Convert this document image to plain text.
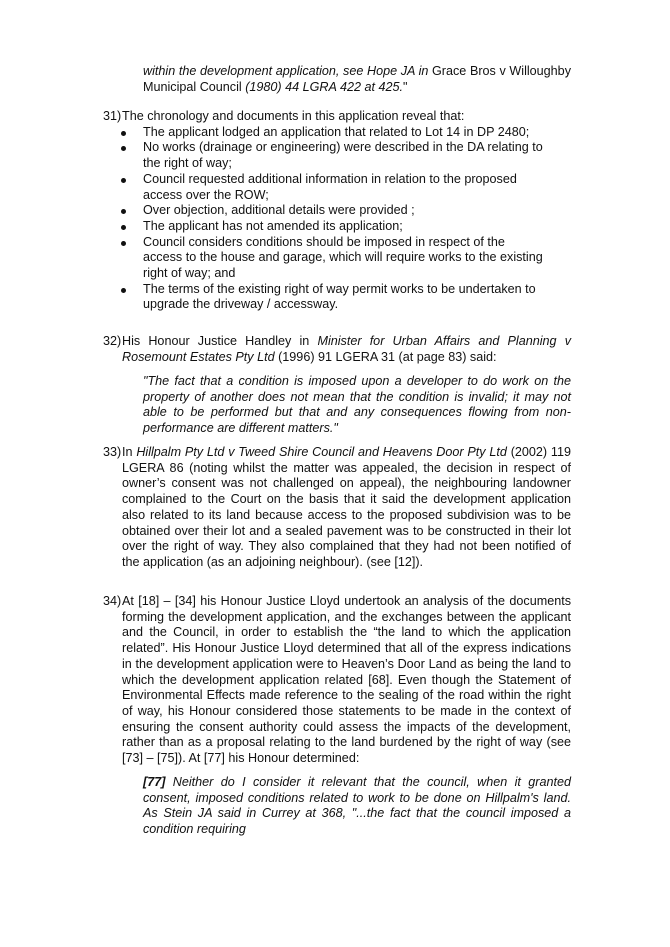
within the development application, see Hope JA in Grace Bros v Willoughby Municipal Council (1980) 44 LGRA 422 at 425."
31) The chronology and documents in this application reveal that:
The applicant lodged an application that related to Lot 14 in DP 2480;
No works (drainage or engineering) were described in the DA relating to the right of way;
Council requested additional information in relation to the proposed access over the ROW;
Over objection, additional details were provided ;
The applicant has not amended its application;
Council considers conditions should be imposed in respect of the access to the house and garage, which will require works to the existing right of way; and
The terms of the existing right of way permit works to be undertaken to upgrade the driveway / accessway.
32) His Honour Justice Handley in Minister for Urban Affairs and Planning v Rosemount Estates Pty Ltd (1996) 91 LGERA 31 (at page 83) said:
"The fact that a condition is imposed upon a developer to do work on the property of another does not mean that the condition is invalid; it may not able to be performed but that and any consequences flowing from non-performance are different matters."
33) In Hillpalm Pty Ltd v Tweed Shire Council and Heavens Door Pty Ltd (2002) 119 LGERA 86 (noting whilst the matter was appealed, the decision in respect of owner’s consent was not challenged on appeal), the neighbouring landowner complained to the Court on the basis that it said the development application also related to its land because access to the proposed subdivision was to be obtained over their lot and a sealed pavement was to be constructed in their lot over the right of way. They also complained that they had not been notified of the application (as an adjoining neighbour). (see [12]).
34) At [18] – [34] his Honour Justice Lloyd undertook an analysis of the documents forming the development application, and the exchanges between the applicant and the Council, in order to establish the “the land to which the application related”. His Honour Justice Lloyd determined that all of the express indications in the development application were to Heaven’s Door Land as being the land to which the development application related [68]. Even though the Statement of Environmental Effects made reference to the sealing of the road within the right of way, his Honour considered those statements to be made in the context of ensuring the consent authority could assess the impacts of the development, rather than as a proposal relating to the land burdened by the right of way (see [73] – [75]). At [77] his Honour determined:
[77] Neither do I consider it relevant that the council, when it granted consent, imposed conditions related to work to be done on Hillpalm's land. As Stein JA said in Currey at 368, "...the fact that the council imposed a condition requiring
